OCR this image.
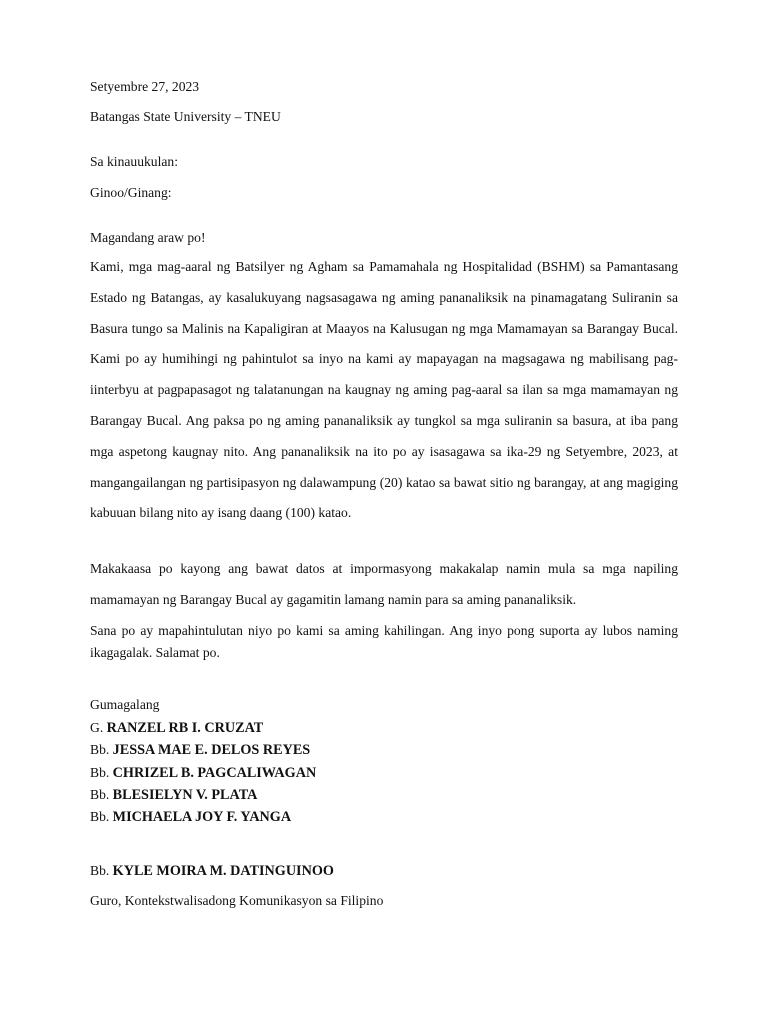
Setyembre 27, 2023
Batangas State University – TNEU
Sa kinauukulan:
Ginoo/Ginang:
Magandang araw po!

Kami, mga mag-aaral ng Batsilyer ng Agham sa Pamamahala ng Hospitalidad (BSHM) sa Pamantasang Estado ng Batangas, ay kasalukuyang nagsasagawa ng aming pananaliksik na pinamagatang Suliranin sa Basura tungo sa Malinis na Kapaligiran at Maayos na Kalusugan ng mga Mamamayan sa Barangay Bucal. Kami po ay humihingi ng pahintulot sa inyo na kami ay mapayagan na magsagawa ng mabilisang pag-iinterbyu at pagpapasagot ng talatanungan na kaugnay ng aming pag-aaral sa ilan sa mga mamamayan ng Barangay Bucal. Ang paksa po ng aming pananaliksik ay tungkol sa mga suliranin sa basura, at iba pang mga aspetong kaugnay nito. Ang pananaliksik na ito po ay isasagawa sa ika-29 ng Setyembre, 2023, at mangangailangan ng partisipasyon ng dalawampung (20) katao sa bawat sitio ng barangay, at ang magiging kabuuan bilang nito ay isang daang (100) katao.

Makakaasa po kayong ang bawat datos at impormasyong makakalap namin mula sa mga napiling mamamayan ng Barangay Bucal ay gagamitin lamang namin para sa aming pananaliksik.

Sana po ay mapahintulutan niyo po kami sa aming kahilingan. Ang inyo pong suporta ay lubos naming ikagagalak. Salamat po.

Gumagalang
G. RANZEL RB I. CRUZAT
Bb. JESSA MAE E. DELOS REYES
Bb. CHRIZEL B. PAGCALIWAGAN
Bb. BLESIELYN V. PLATA
Bb. MICHAELA JOY F. YANGA
Bb. KYLE MOIRA M. DATINGUINOO
Guro, Kontekstwalisadong Komunikasyon sa Filipino
